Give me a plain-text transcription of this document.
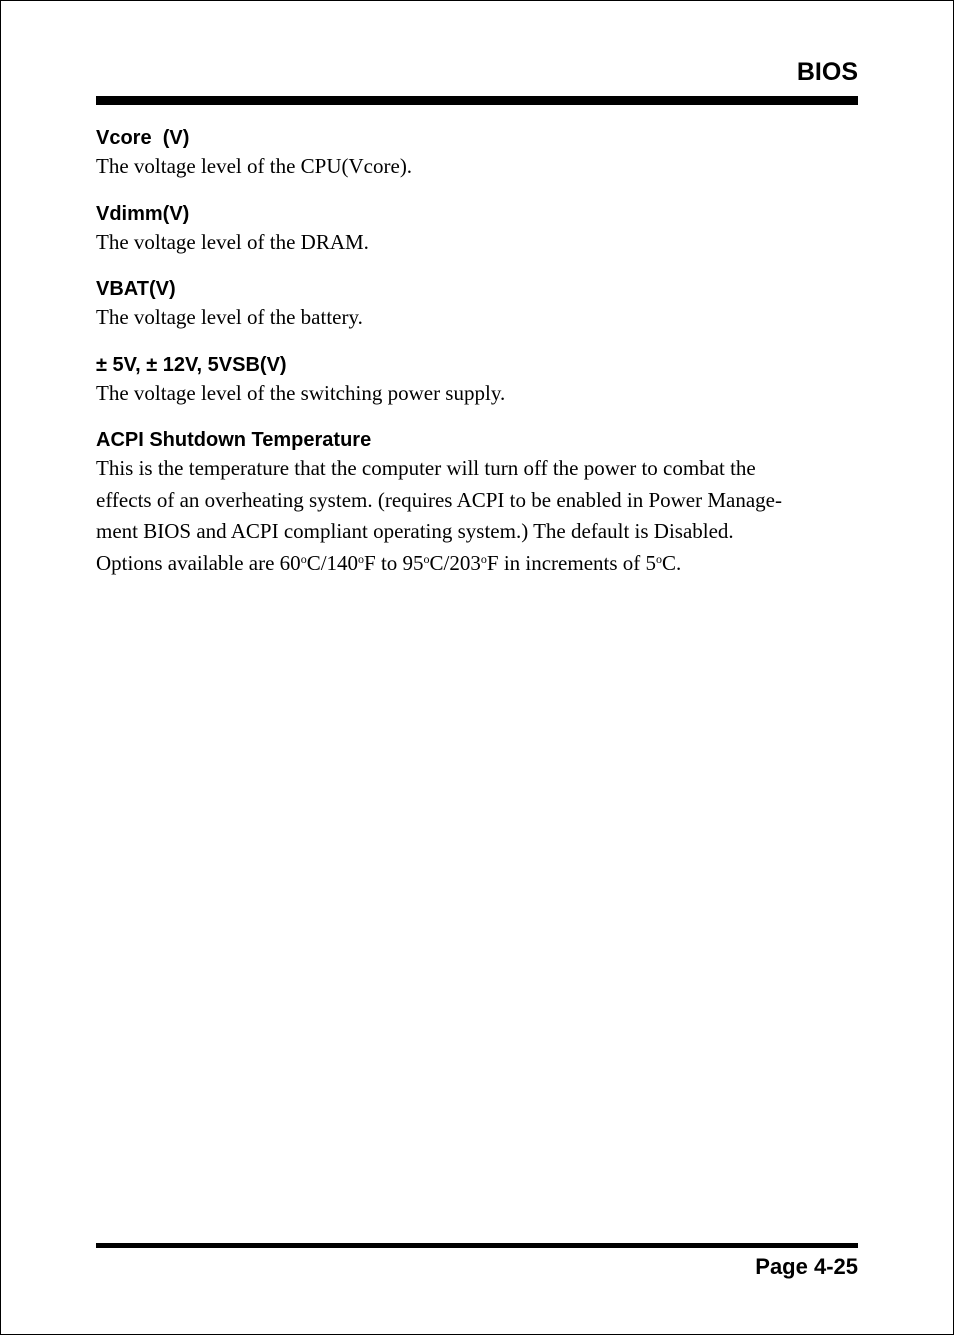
BIOS
Vcore  (V)

The voltage level of the CPU(Vcore).

Vdimm(V)

The voltage level of the DRAM.

VBAT(V)

The voltage level of the battery.

± 5V, ± 12V, 5VSB(V)

The voltage level of the switching power supply.

ACPI Shutdown Temperature

This is the temperature that the computer will turn off the power to combat the
effects of an overheating system. (requires ACPI to be enabled in Power Manage-
ment BIOS and ACPI compliant operating system.) The default is Disabled.
Options available are 60$^o$C/140$^o$F to 95$^o$C/203$^o$F in increments of 5$^o$C.

Page 4-25
